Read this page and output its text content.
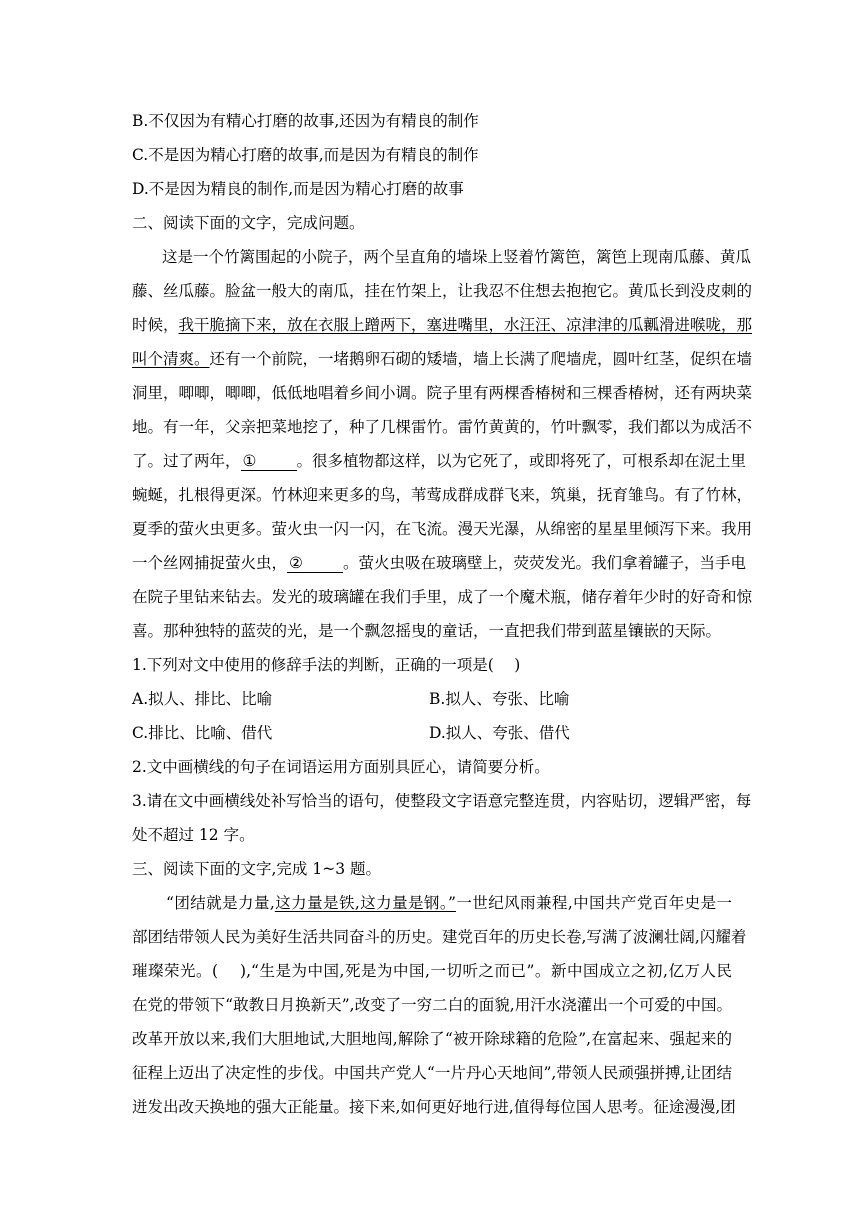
B.不仅因为有精心打磨的故事,还因为有精良的制作
C.不是因为精心打磨的故事,而是因为有精良的制作
D.不是因为精良的制作,而是因为精心打磨的故事
二、阅读下面的文字，完成问题。
这是一个竹篱围起的小院子，两个呈直角的墙垛上竖着竹篱笆，篱笆上现南瓜藤、黄瓜
藤、丝瓜藤。脸盆一般大的南瓜，挂在竹架上，让我忍不住想去抱抱它。黄瓜长到没皮刺的
时候，我干脆摘下来，放在衣服上蹭两下，塞进嘴里，水汪汪、凉津津的瓜瓤滑进喉咙，那
叫个清爽。还有一个前院，一堵鹅卵石砌的矮墙，墙上长满了爬墙虎，圆叶红茎，促织在墙
洞里，唧唧，唧唧，低低地唱着乡间小调。院子里有两棵香椿树和三棵香椿树，还有两块菜
地。有一年，父亲把菜地挖了，种了几棵雷竹。雷竹黄黄的，竹叶飘零，我们都以为成活不
了。过了两年， ①	。很多植物都这样，以为它死了，或即将死了，可根系却在泥土里
蜿蜒，扎根得更深。竹林迎来更多的鸟，苇莺成群成群飞来，筑巢，抚育雏鸟。有了竹林，
夏季的萤火虫更多。萤火虫一闪一闪，在飞流。漫天光瀑，从绵密的星星里倾泻下来。我用
一个丝网捕捉萤火虫， ②	。萤火虫吸在玻璃壁上，荧荧发光。我们拿着罐子，当手电
在院子里钻来钻去。发光的玻璃罐在我们手里，成了一个魔术瓶，储存着年少时的好奇和惊
喜。那种独特的蓝荧的光，是一个飘忽摇曳的童话，一直把我们带到蓝星镶嵌的天际。
1.下列对文中使用的修辞手法的判断，正确的一项是(　 )
A.拟人、排比、比喻	B.拟人、夸张、比喻
C.排比、比喻、借代	D.拟人、夸张、借代
2.文中画横线的句子在词语运用方面别具匠心，请简要分析。
3.请在文中画横线处补写恰当的语句，使整段文字语意完整连贯，内容贴切，逻辑严密，每
处不超过 12 字。
三、阅读下面的文字,完成 1~3 题。
“团结就是力量,这力量是铁,这力量是钢。”一世纪风雨兼程,中国共产党百年史是一
部团结带领人民为美好生活共同奋斗的历史。建党百年的历史长卷,写满了波澜壮阔,闪耀着
璀璨荣光。(　 ),“生是为中国,死是为中国,一切听之而已”。新中国成立之初,亿万人民
在党的带领下“敢教日月换新天”,改变了一穷二白的面貌,用汗水浇灌出一个可爱的中国。
改革开放以来,我们大胆地试,大胆地闯,解除了“被开除球籍的危险”,在富起来、强起来的
征程上迈出了决定性的步伐。中国共产党人“一片丹心天地间”,带领人民顽强拼搏,让团结
迸发出改天换地的强大正能量。接下来,如何更好地行进,值得每位国人思考。征途漫漫,团
